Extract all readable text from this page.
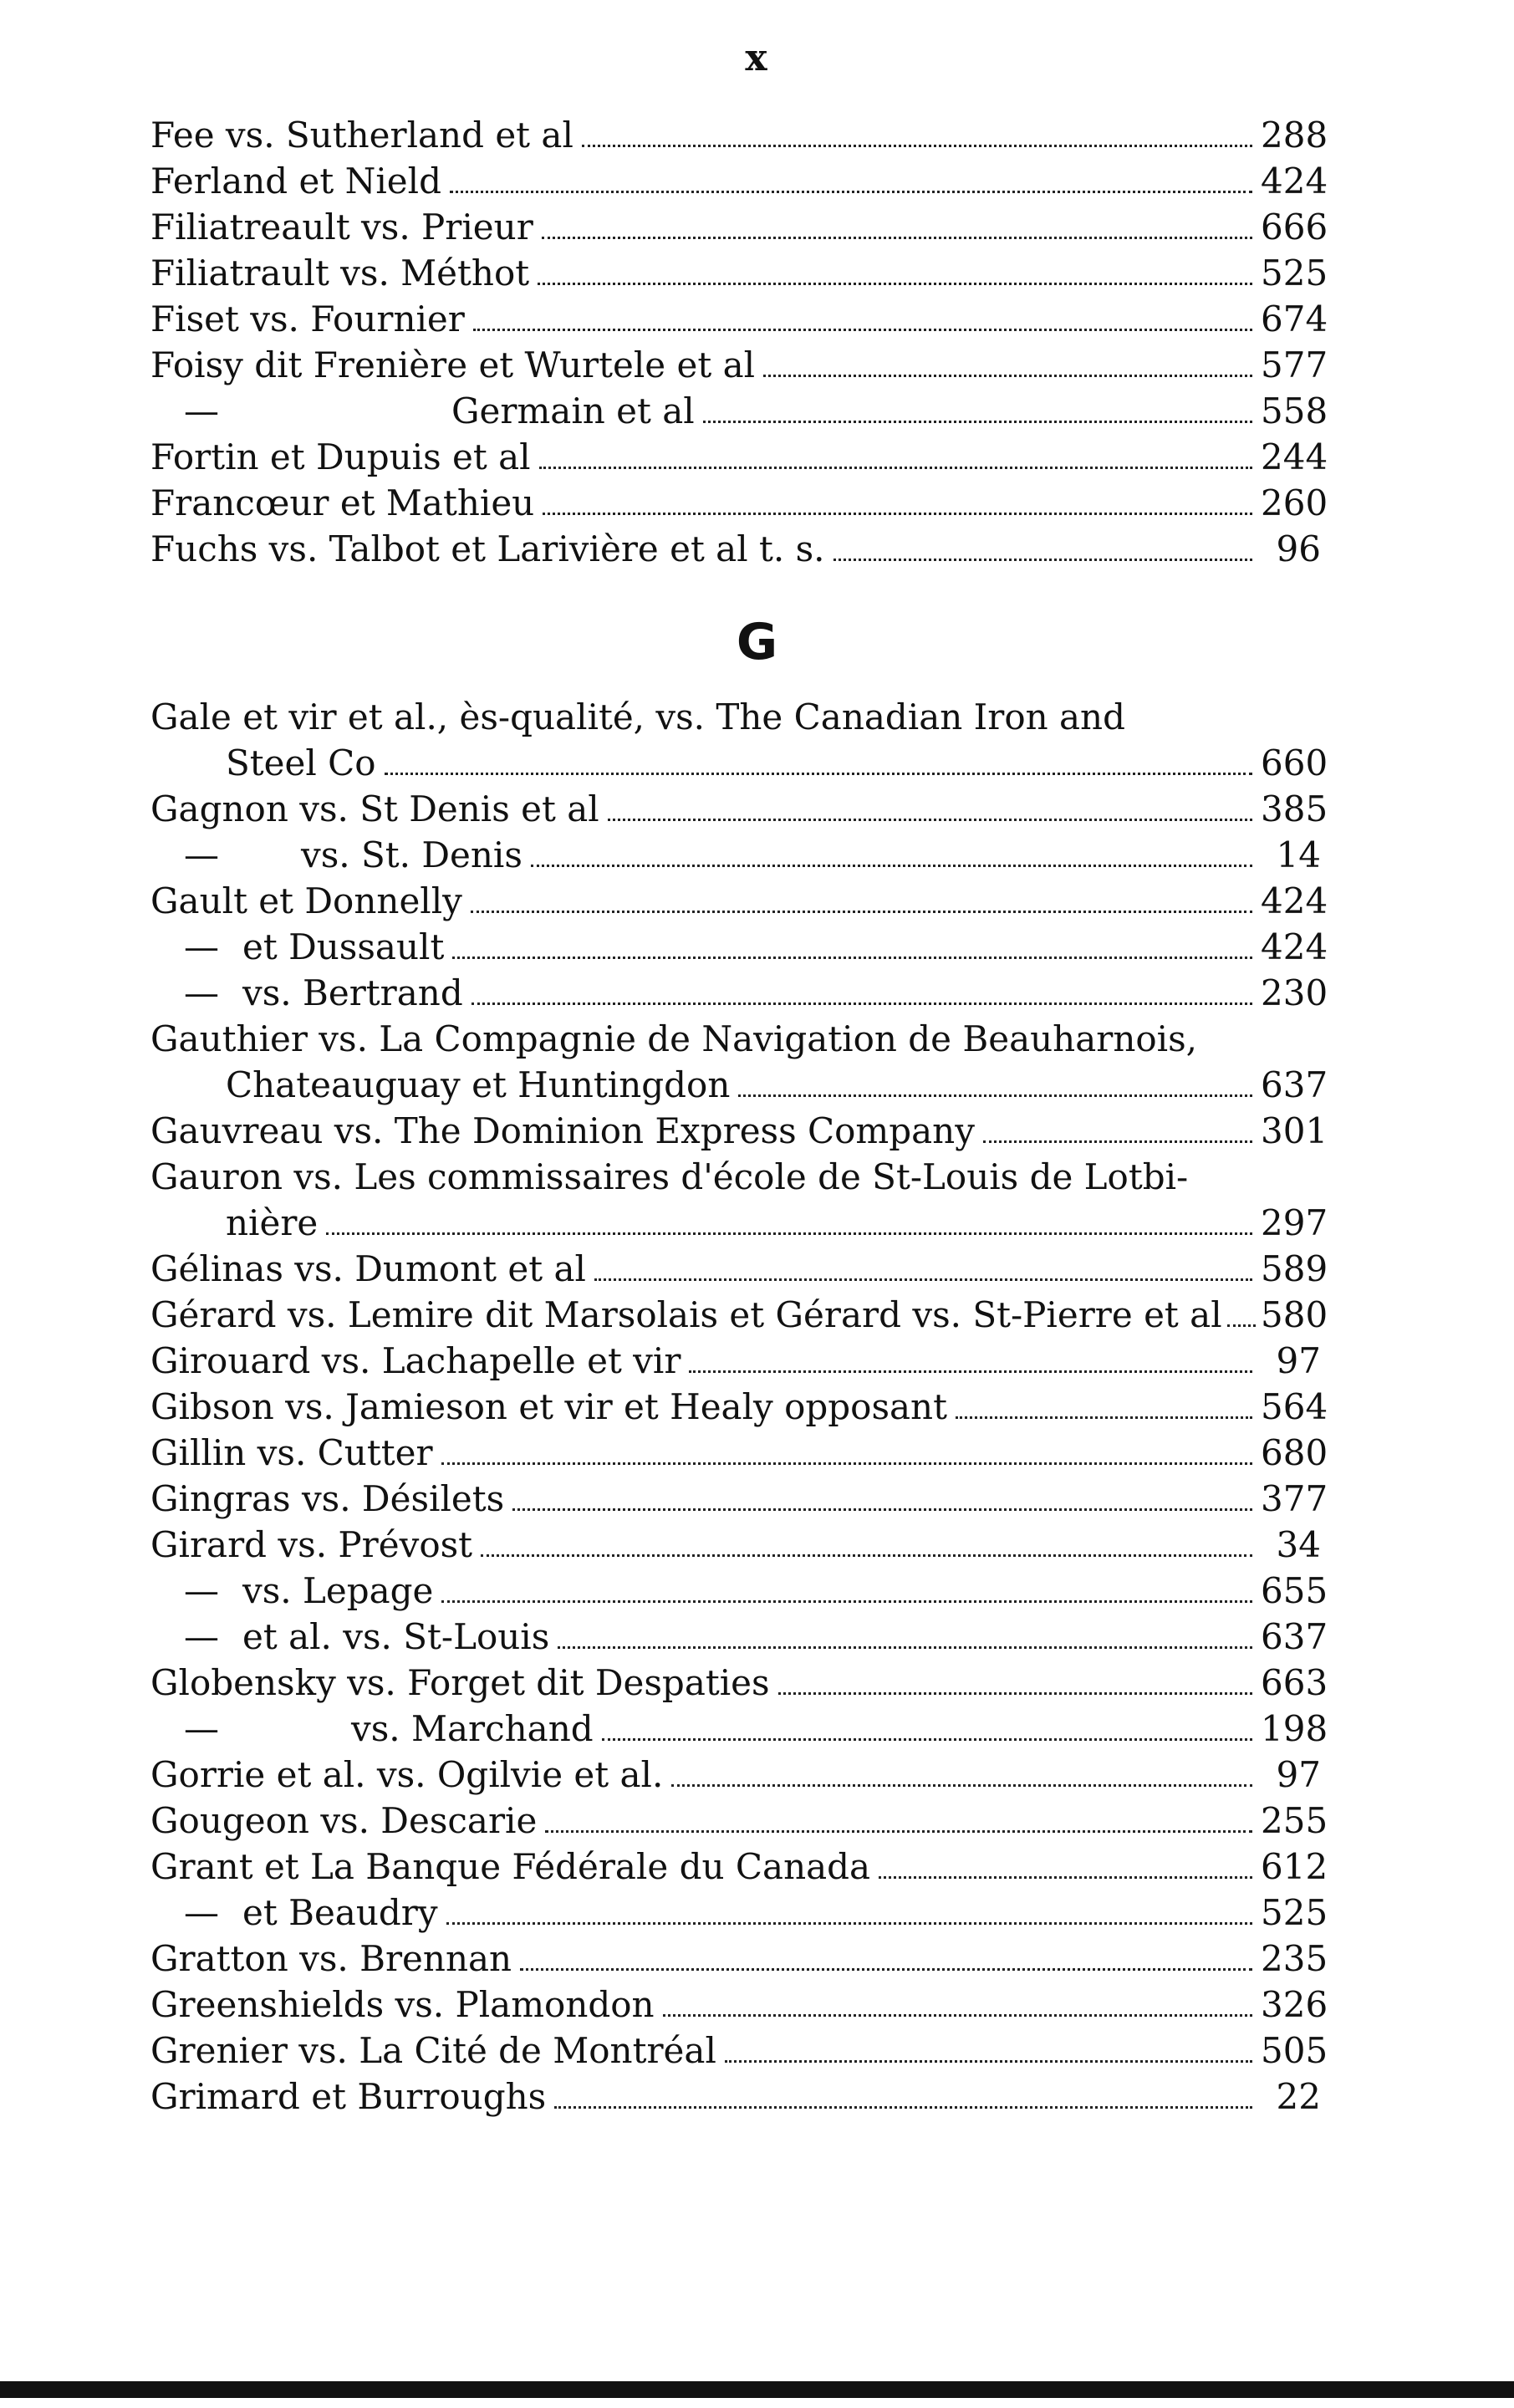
x
Fee vs. Sutherland et al	288
Ferland et Nield	424
Filiatreault vs. Prieur	666
Filiatrault vs. Méthot	525
Fiset vs. Fournier	674
Foisy dit Frenière et Wurtele et al	577
—	Germain et al	558
Fortin et Dupuis et al	244
Francœur et Mathieu	260
Fuchs vs. Talbot et Larivière et al t. s.	96
G
Gale et vir et al., ès-qualité, vs. The Canadian Iron and
Steel Co	660
Gagnon vs. St Denis et al	385
— vs. St. Denis	14
Gault et Donnelly	424
— et Dussault	424
— vs. Bertrand	230
Gauthier vs. La Compagnie de Navigation de Beauharnois,
Chateauguay et Huntingdon	637
Gauvreau vs. The Dominion Express Company	301
Gauron vs. Les commissaires d'école de St-Louis de Lotbi-
nière	297
Gélinas vs. Dumont et al	589
Gérard vs. Lemire dit Marsolais et Gérard vs. St-Pierre et al 580
Girouard vs. Lachapelle et vir	97
Gibson vs. Jamieson et vir et Healy opposant	564
Gillin vs. Cutter	680
Gingras vs. Désilets	377
Girard vs. Prévost	34
— vs. Lepage	655
— et al. vs. St-Louis	637
Globensky vs. Forget dit Despaties	663
—	vs. Marchand	198
Gorrie et al. vs. Ogilvie et al.	97
Gougeon vs. Descarie	255
Grant et La Banque Fédérale du Canada	612
— et Beaudry	525
Gratton vs. Brennan	235
Greenshields vs. Plamondon	326
Grenier vs. La Cité de Montréal	505
Grimard et Burroughs	22
